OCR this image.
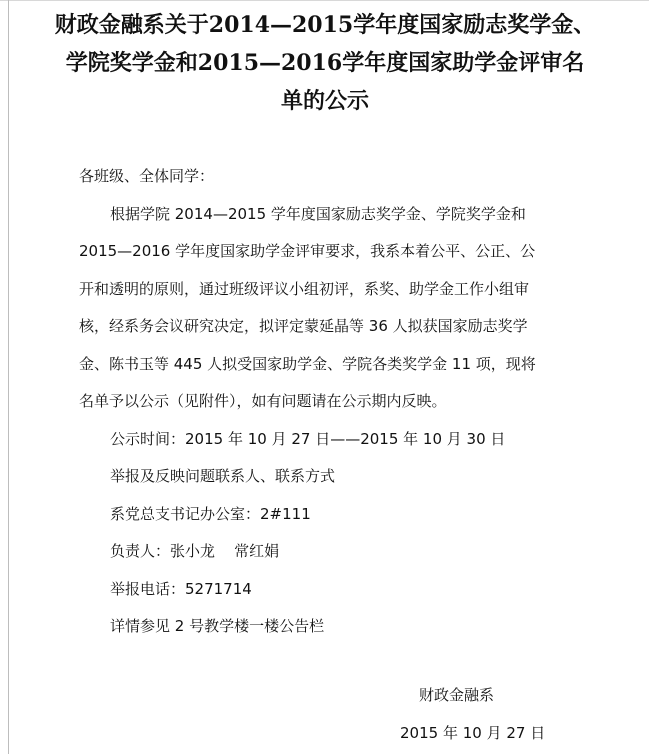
财政金融系关于2014—2015学年度国家励志奖学金、
学院奖学金和2015—2016学年度国家助学金评审名
单的公示
各班级、全体同学：
根据学院 2014—2015 学年度国家励志奖学金、学院奖学金和
2015—2016 学年度国家助学金评审要求，我系本着公平、公正、公
开和透明的原则，通过班级评议小组初评，系奖、助学金工作小组审
核，经系务会议研究决定，拟评定蒙延晶等 36 人拟获国家励志奖学
金、陈书玉等 445 人拟受国家助学金、学院各类奖学金 11 项，现将
名单予以公示（见附件），如有问题请在公示期内反映。
公示时间：2015 年 10 月 27 日——2015 年 10 月 30 日
举报及反映问题联系人、联系方式
系党总支书记办公室：2#111
负责人：张小龙    常红娟
举报电话：5271714
详情参见 2 号教学楼一楼公告栏
财政金融系
2015 年 10 月 27 日
